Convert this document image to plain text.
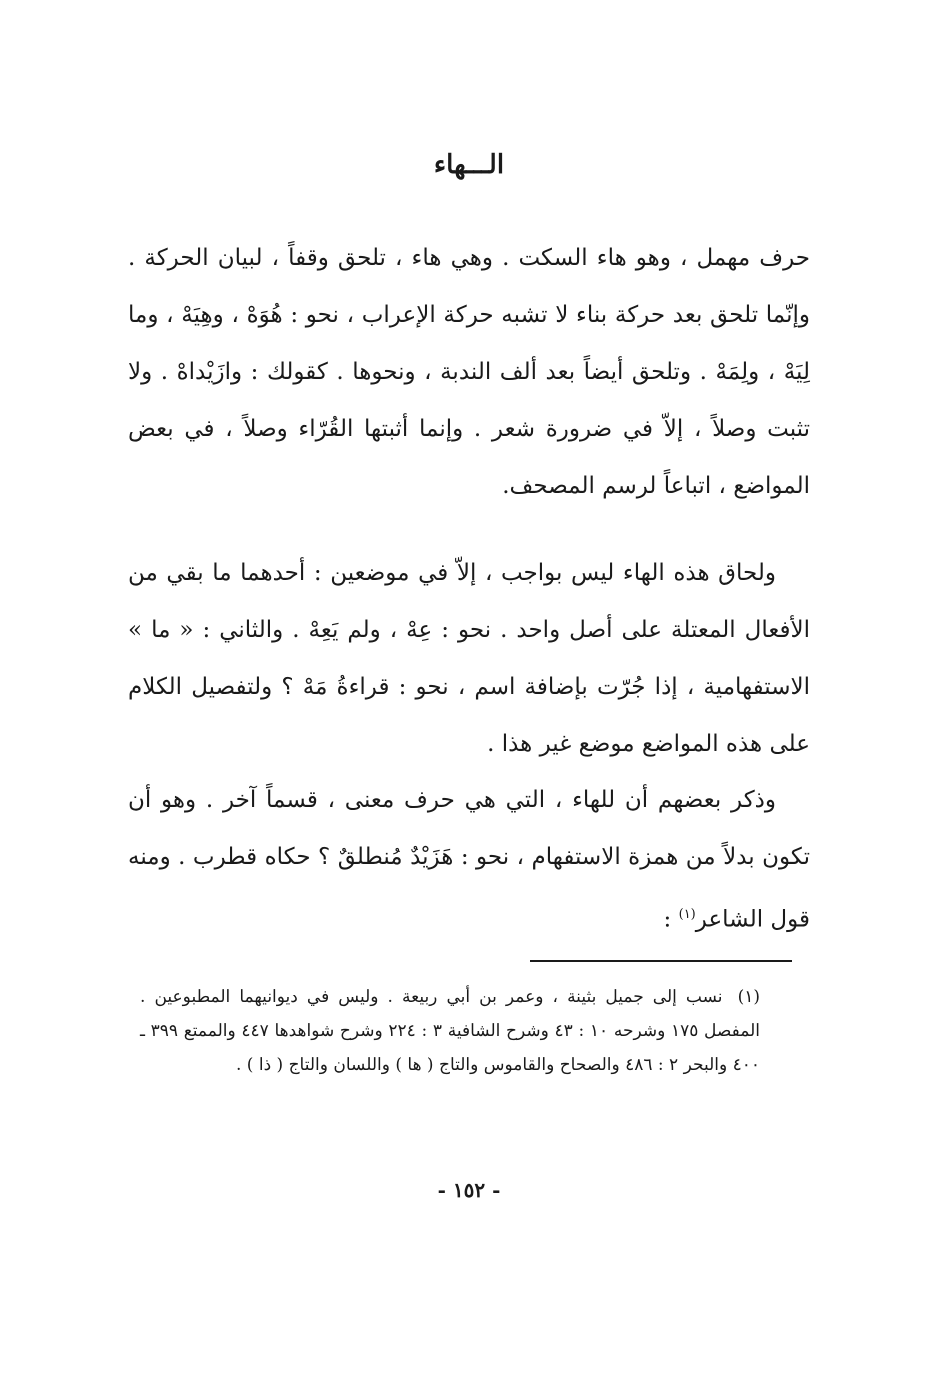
الـــهاء
حرف مهمل ، وهو هاء السكت . وهي هاء ، تلحق وقفاً ، لبيان الحركة . وإنّما تلحق بعد حركة بناء لا تشبه حركة الإعراب ، نحو : هُوَهْ ، وهِيَهْ ، وما لِيَهْ ، ولِمَهْ . وتلحق أيضاً بعد ألف الندبة ، ونحوها . كقولك : وازَيْداهْ . ولا تثبت وصلاً ، إلاّ في ضرورة شعر . وإنما أثبتها القُرّاء وصلاً ، في بعض المواضع ، اتباعاً لرسم المصحف.
ولحاق هذه الهاء ليس بواجب ، إلاّ في موضعين : أحدهما ما بقي من الأفعال المعتلة على أصل واحد . نحو : عِهْ ، ولم يَعِهْ . والثاني : « ما » الاستفهامية ، إذا جُرّت بإضافة اسم ، نحو : قراءةُ مَهْ ؟ ولتفصيل الكلام على هذه المواضع موضع غير هذا .
وذكر بعضهم أن للهاء ، التي هي حرف معنى ، قسماً آخر . وهو أن تكون بدلاً من همزة الاستفهام ، نحو : هَزَيْدٌ مُنطلقٌ ؟ حكاه قطرب . ومنه قول الشاعر$^{(١)}$ :
(١) نسب إلى جميل بثينة ، وعمر بن أبي ربيعة . وليس في ديوانيهما المطبوعين . المفصل ١٧٥ وشرحه ١٠ : ٤٣ وشرح الشافية ٣ : ٢٢٤ وشرح شواهدها ٤٤٧ والممتع ٣٩٩ ـ ٤٠٠ والبحر ٢ : ٤٨٦ والصحاح والقاموس والتاج ( ها ) واللسان والتاج ( ذا ) .
- ١٥٢ -
